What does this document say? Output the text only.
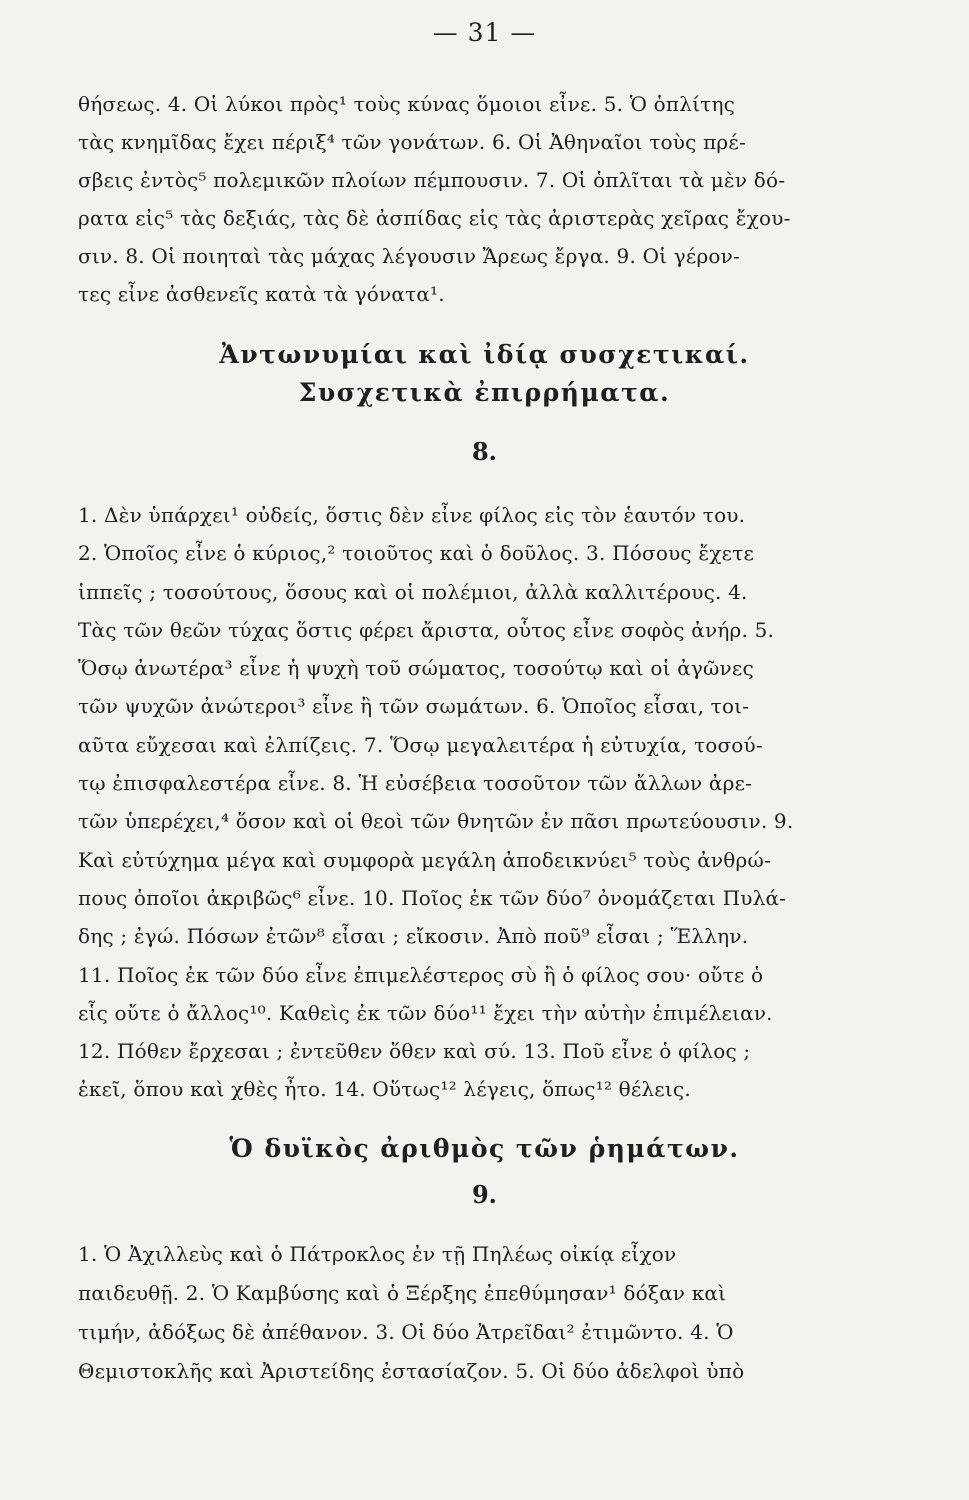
— 31 —
θήσεως. 4. Οἱ λύκοι πρὸς¹ τοὺς κύνας ὅμοιοι εἶνε. 5. Ὁ ὁπλίτης
τὰς κνημῖδας ἔχει πέριξ⁴ τῶν γονάτων. 6. Οἱ Ἀθηναῖοι τοὺς πρέ-
σβεις ἐντὸς⁵ πολεμικῶν πλοίων πέμπουσιν. 7. Οἱ ὁπλῖται τὰ μὲν δό-
ρατα εἰς⁵ τὰς δεξιάς, τὰς δὲ ἀσπίδας εἰς τὰς ἀριστερὰς χεῖρας ἔχου-
σιν. 8. Οἱ ποιηταὶ τὰς μάχας λέγουσιν Ἄρεως ἔργα. 9. Οἱ γέρον-
τες εἶνε ἀσθενεῖς κατὰ τὰ γόνατα¹.
Ἀντωνυμίαι καὶ ἰδίᾳ συσχετικαί.
Συσχετικὰ ἐπιρρήματα.
8.
1. Δὲν ὑπάρχει¹ οὐδείς, ὅστις δὲν εἶνε φίλος εἰς τὸν ἑαυτόν του.
2. Ὁποῖος εἶνε ὁ κύριος,² τοιοῦτος καὶ ὁ δοῦλος. 3. Πόσους ἔχετε
ἱππεῖς ; τοσούτους, ὅσους καὶ οἱ πολέμιοι, ἀλλὰ καλλιτέρους. 4.
Τὰς τῶν θεῶν τύχας ὅστις φέρει ἄριστα, οὗτος εἶνε σοφὸς ἀνήρ. 5.
Ὅσῳ ἀνωτέρα³ εἶνε ἡ ψυχὴ τοῦ σώματος, τοσούτῳ καὶ οἱ ἀγῶνες
τῶν ψυχῶν ἀνώτεροι³ εἶνε ἢ τῶν σωμάτων. 6. Ὁποῖος εἶσαι, τοι-
αῦτα εὔχεσαι καὶ ἐλπίζεις. 7. Ὅσῳ μεγαλειτέρα ἡ εὐτυχία, τοσού-
τῳ ἐπισφαλεστέρα εἶνε. 8. Ἡ εὐσέβεια τοσοῦτον τῶν ἄλλων ἀρε-
τῶν ὑπερέχει,⁴ ὅσον καὶ οἱ θεοὶ τῶν θνητῶν ἐν πᾶσι πρωτεύουσιν. 9.
Καὶ εὐτύχημα μέγα καὶ συμφορὰ μεγάλη ἀποδεικνύει⁵ τοὺς ἀνθρώ-
πους ὁποῖοι ἀκριβῶς⁶ εἶνε. 10. Ποῖος ἐκ τῶν δύο⁷ ὀνομάζεται Πυλά-
δης ; ἐγώ. Πόσων ἐτῶν⁸ εἶσαι ; εἴκοσιν. Ἀπὸ ποῦ⁹ εἶσαι ; Ἕλλην.
11. Ποῖος ἐκ τῶν δύο εἶνε ἐπιμελέστερος σὺ ἢ ὁ φίλος σου· οὔτε ὁ
εἷς οὔτε ὁ ἄλλος¹⁰. Καθεὶς ἐκ τῶν δύο¹¹ ἔχει τὴν αὐτὴν ἐπιμέλειαν.
12. Πόθεν ἔρχεσαι ; ἐντεῦθεν ὅθεν καὶ σύ. 13. Ποῦ εἶνε ὁ φίλος ;
ἐκεῖ, ὅπου καὶ χθὲς ἦτο. 14. Οὕτως¹² λέγεις, ὅπως¹² θέλεις.
Ὁ δυϊκὸς ἀριθμὸς τῶν ῥημάτων.
9.
1. Ὁ Ἀχιλλεὺς καὶ ὁ Πάτροκλος ἐν τῇ Πηλέως οἰκίᾳ εἶχον
παιδευθῇ. 2. Ὁ Καμβύσης καὶ ὁ Ξέρξης ἐπεθύμησαν¹ δόξαν καὶ
τιμήν, ἀδόξως δὲ ἀπέθανον. 3. Οἱ δύο Ἀτρεῖδαι² ἐτιμῶντο. 4. Ὁ
Θεμιστοκλῆς καὶ Ἀριστείδης ἐστασίαζον. 5. Οἱ δύο ἀδελφοὶ ὑπὸ
